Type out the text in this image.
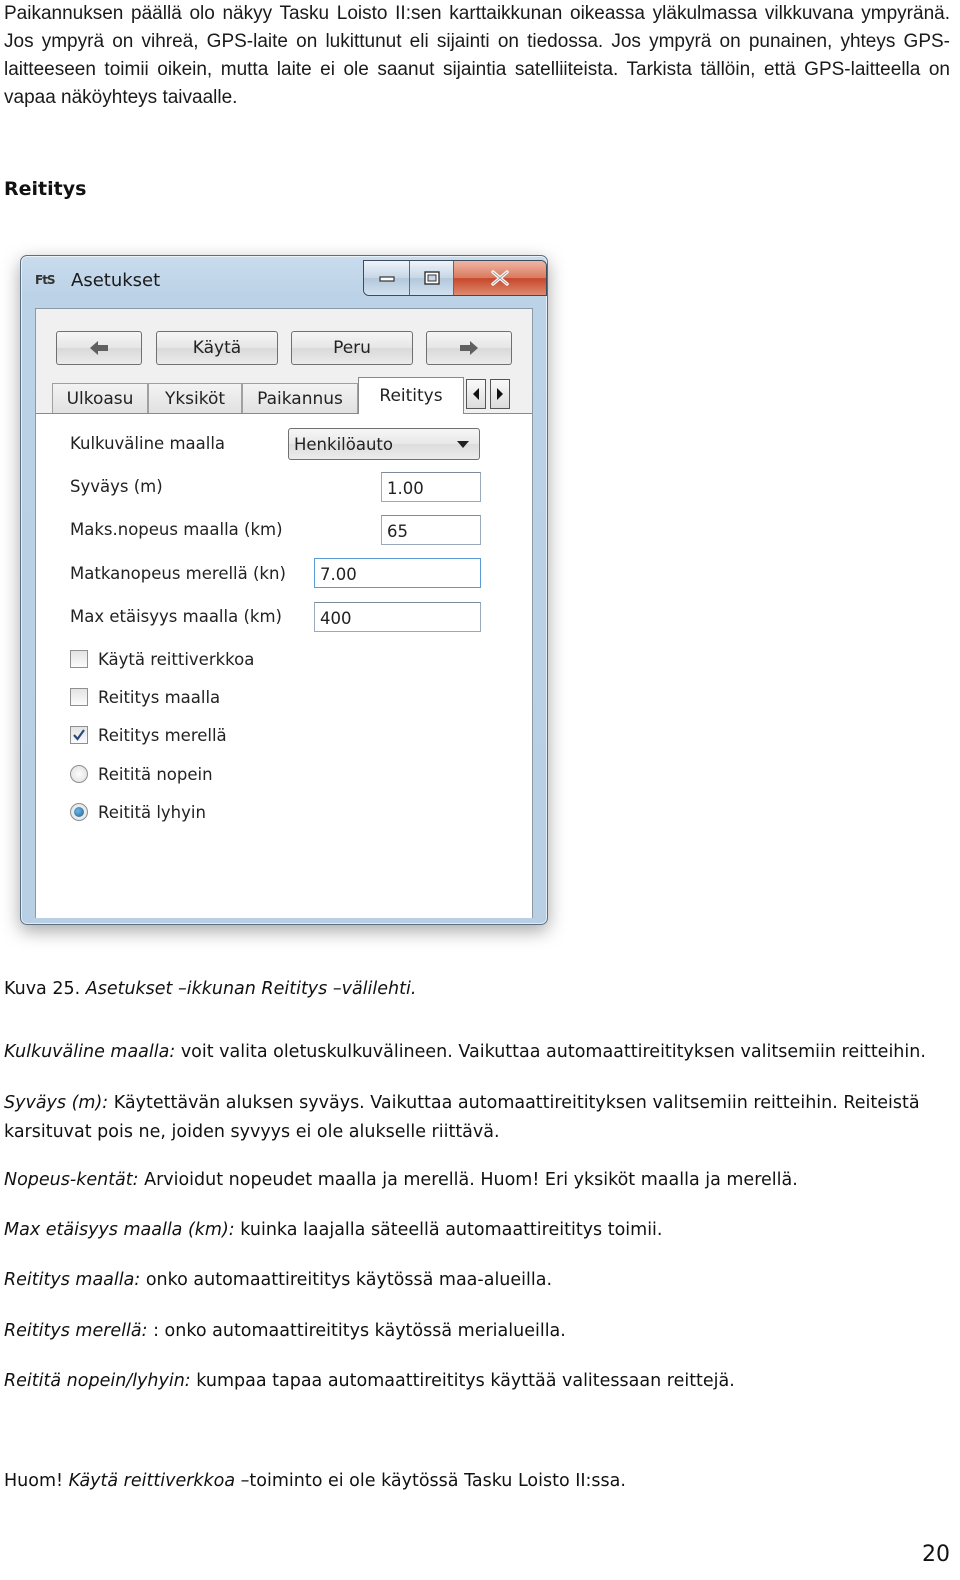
Paikannuksen päällä olo näkyy Tasku Loisto II:sen karttaikkunan oikeassa yläkulmassa vilkkuvana ympyränä. Jos ympyrä on vihreä, GPS-laite on lukittunut eli sijainti on tiedossa. Jos ympyrä on punainen, yhteys GPS-laitteeseen toimii oikein, mutta laite ei ole saanut sijaintia satelliiteista. Tarkista tällöin, että GPS-laitteella on vapaa näköyhteys taivaalle.
Reititys
FtS Asetukset
Käytä	Peru
Ulkoasu	Yksiköt	Paikannus	Reititys
Kulkuväline maalla	Henkilöauto
Syväys (m)	1.00
Maks.nopeus maalla (km)	65
Matkanopeus merellä (kn)	7.00
Max etäisyys maalla (km)	400
Käytä reittiverkkoa
Reititys maalla
Reititys merellä
Reititä nopein
Reititä lyhyin
Kuva 25. Asetukset –ikkunan Reititys –välilehti.
Kulkuväline maalla: voit valita oletuskulkuvälineen. Vaikuttaa automaattireitityksen valitsemiin reitteihin.
Syväys (m): Käytettävän aluksen syväys. Vaikuttaa automaattireitityksen valitsemiin reitteihin. Reiteistä
karsituvat pois ne, joiden syvyys ei ole alukselle riittävä.
Nopeus-kentät: Arvioidut nopeudet maalla ja merellä. Huom! Eri yksiköt maalla ja merellä.
Max etäisyys maalla (km): kuinka laajalla säteellä automaattireititys toimii.
Reititys maalla: onko automaattireititys käytössä maa-alueilla.
Reititys merellä: : onko automaattireititys käytössä merialueilla.
Reititä nopein/lyhyin: kumpaa tapaa automaattireititys käyttää valitessaan reittejä.
Huom! Käytä reittiverkkoa –toiminto ei ole käytössä Tasku Loisto II:ssa.
20
